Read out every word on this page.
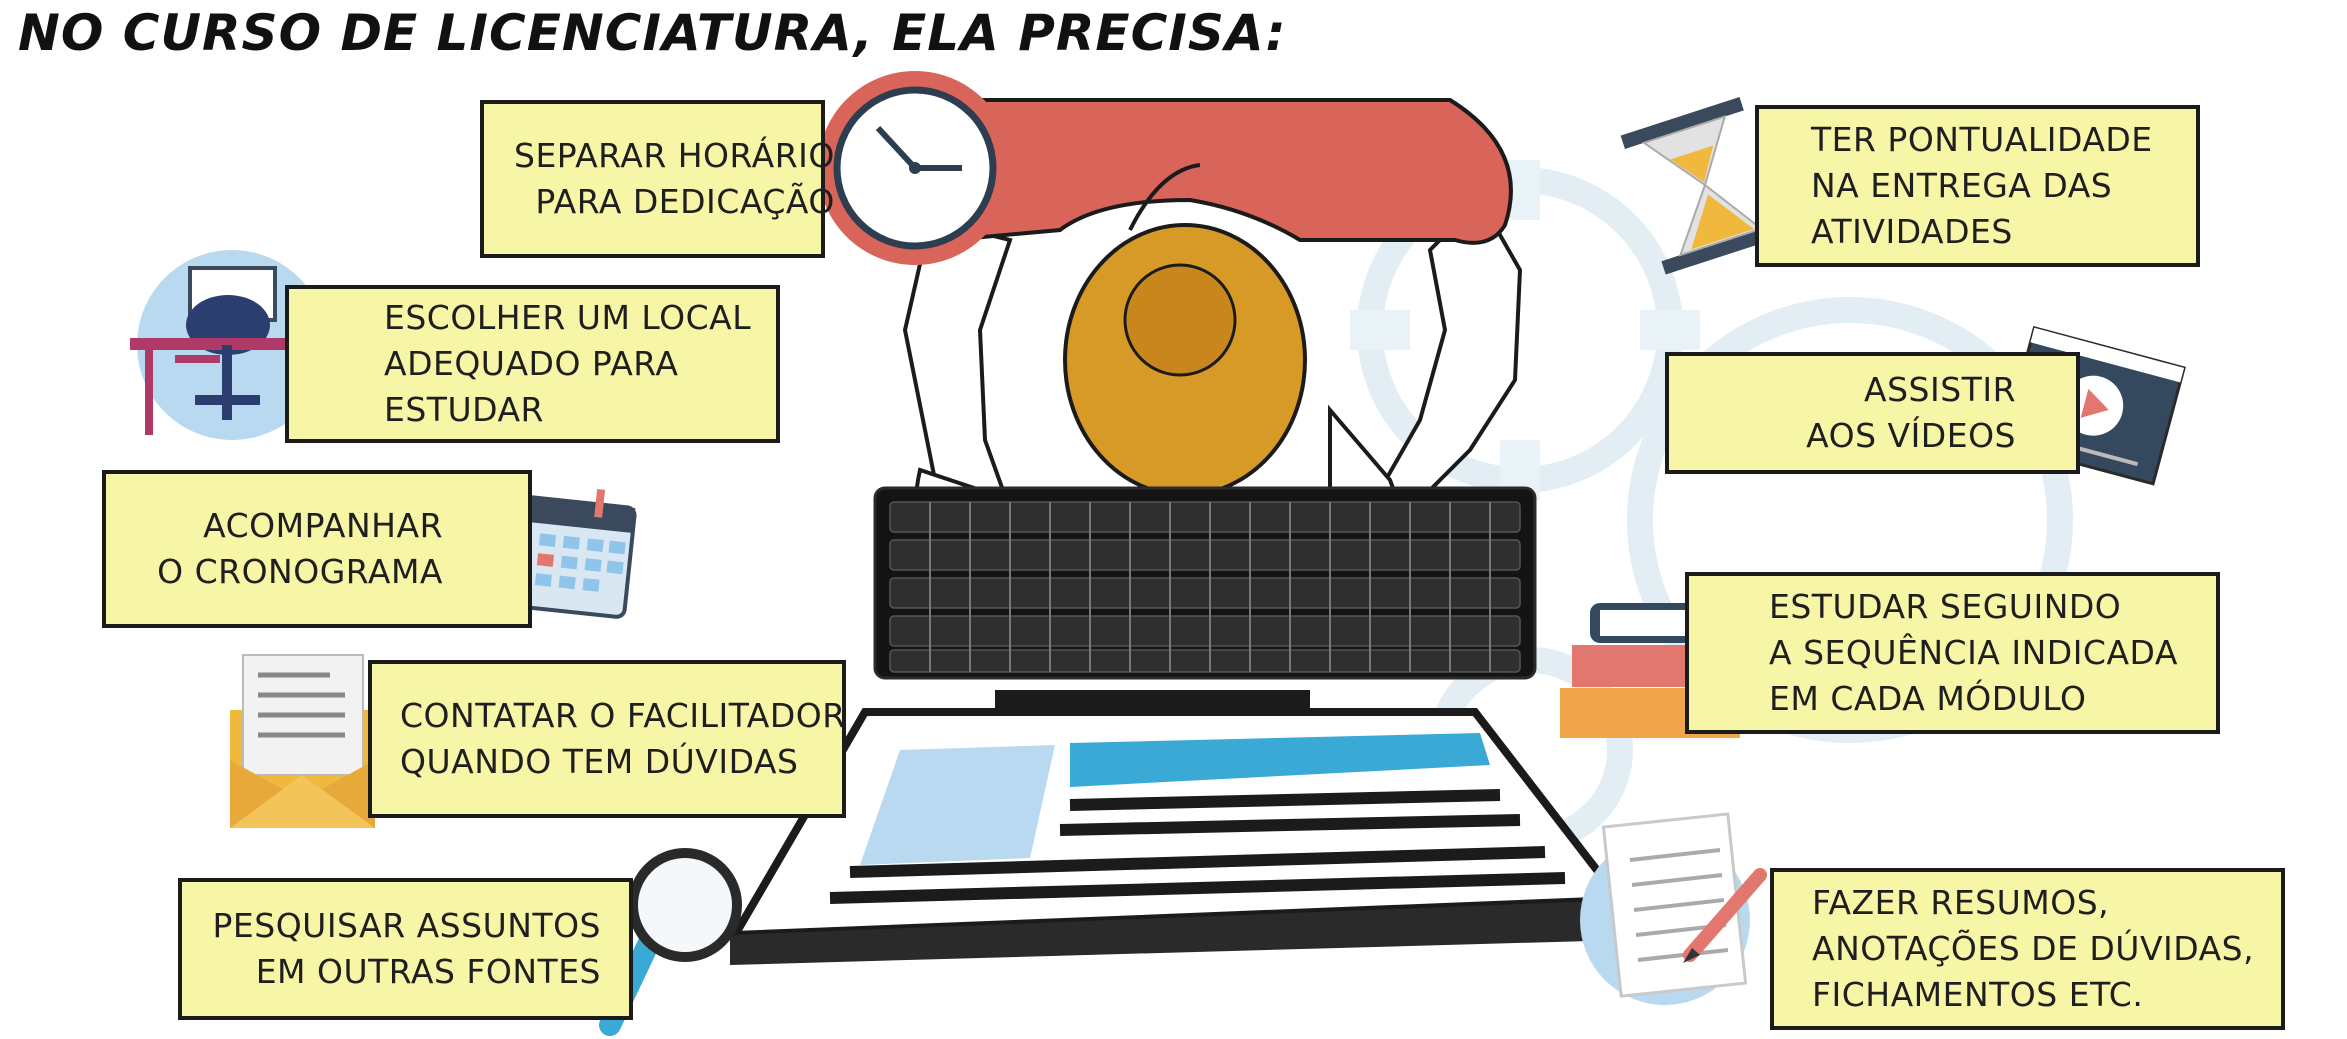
NO CURSO DE LICENCIATURA, ELA PRECISA:
SEPARAR HORÁRIO
PARA DEDICAÇÃO
ESCOLHER UM LOCAL
ADEQUADO PARA
ESTUDAR
ACOMPANHAR
O CRONOGRAMA
CONTATAR O FACILITADOR
QUANDO TEM DÚVIDAS
PESQUISAR ASSUNTOS
EM OUTRAS FONTES
TER PONTUALIDADE
NA ENTREGA DAS
ATIVIDADES
ASSISTIR
AOS VÍDEOS
ESTUDAR SEGUINDO
A SEQUÊNCIA INDICADA
EM CADA MÓDULO
FAZER RESUMOS,
ANOTAÇÕES DE DÚVIDAS,
FICHAMENTOS ETC.
